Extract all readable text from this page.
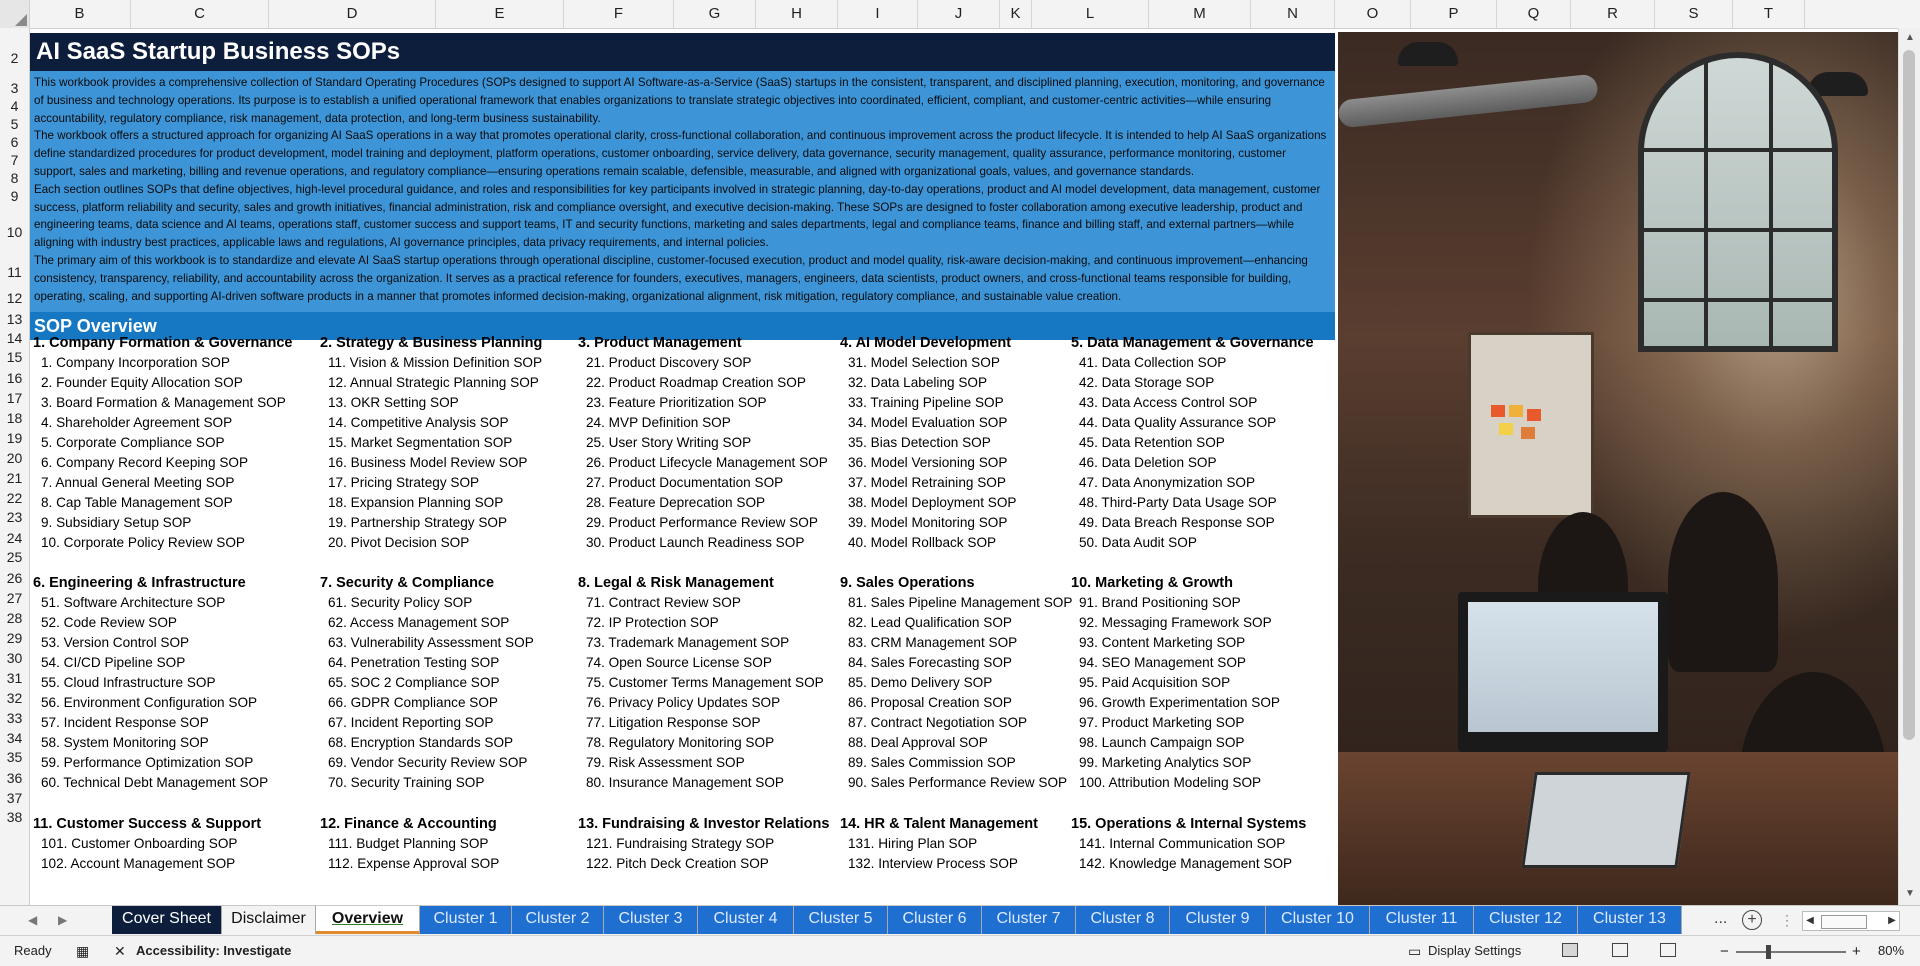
B	C	D	E	F	G	H	I	J	K	L	M	N	O	P	Q	R	S	T
2
3
4
5
6
7
8
9
10
11
12
13
14
15
16
17
18
19
20
21
22
23
24
25
26
27
28
29
30
31
32
33
34
35
36
37
38
AI SaaS Startup Business SOPs

This workbook provides a comprehensive collection of Standard Operating Procedures (SOPs designed to support AI Software-as-a-Service (SaaS) startups in the consistent, transparent, and disciplined planning, execution, monitoring, and governance of business and technology operations. Its purpose is to establish a unified operational framework that enables organizations to translate strategic objectives into coordinated, efficient, compliant, and customer-centric activities—while ensuring accountability, regulatory compliance, risk management, data protection, and long-term business sustainability.

The workbook offers a structured approach for organizing AI SaaS operations in a way that promotes operational clarity, cross-functional collaboration, and continuous improvement across the product lifecycle. It is intended to help AI SaaS organizations define standardized procedures for product development, model training and deployment, platform operations, customer onboarding, service delivery, data governance, security management, quality assurance, performance monitoring, customer support, sales and marketing, billing and revenue operations, and regulatory compliance—ensuring operations remain scalable, defensible, measurable, and aligned with organizational goals, values, and governance standards.

Each section outlines SOPs that define objectives, high-level procedural guidance, and roles and responsibilities for key participants involved in strategic planning, day-to-day operations, product and AI model development, data management, customer success, platform reliability and security, sales and growth initiatives, financial administration, risk and compliance oversight, and executive decision-making. These SOPs are designed to foster collaboration among executive leadership, product and engineering teams, data science and AI teams, operations staff, customer success and support teams, IT and security functions, marketing and sales departments, legal and compliance teams, finance and billing staff, and external partners—while aligning with industry best practices, applicable laws and regulations, AI governance principles, data privacy requirements, and internal policies.

The primary aim of this workbook is to standardize and elevate AI SaaS startup operations through operational discipline, customer-focused execution, product and model quality, risk-aware decision-making, and continuous improvement—enhancing consistency, transparency, reliability, and accountability across the organization. It serves as a practical reference for founders, executives, managers, engineers, data scientists, product owners, and cross-functional teams responsible for building, operating, scaling, and supporting AI-driven software products in a manner that promotes informed decision-making, organizational alignment, risk mitigation, regulatory compliance, and sustainable value creation.

SOP Overview
1. Company Formation & Governance
1. Company Incorporation SOP
2. Founder Equity Allocation SOP
3. Board Formation & Management SOP
4. Shareholder Agreement SOP
5. Corporate Compliance SOP
6. Company Record Keeping SOP
7. Annual General Meeting SOP
8. Cap Table Management SOP
9. Subsidiary Setup SOP
10. Corporate Policy Review SOP
2. Strategy & Business Planning
11. Vision & Mission Definition SOP
12. Annual Strategic Planning SOP
13. OKR Setting SOP
14. Competitive Analysis SOP
15. Market Segmentation SOP
16. Business Model Review SOP
17. Pricing Strategy SOP
18. Expansion Planning SOP
19. Partnership Strategy SOP
20. Pivot Decision SOP
3. Product Management
21. Product Discovery SOP
22. Product Roadmap Creation SOP
23. Feature Prioritization SOP
24. MVP Definition SOP
25. User Story Writing SOP
26. Product Lifecycle Management SOP
27. Product Documentation SOP
28. Feature Deprecation SOP
29. Product Performance Review SOP
30. Product Launch Readiness SOP
4. AI Model Development
31. Model Selection SOP
32. Data Labeling SOP
33. Training Pipeline SOP
34. Model Evaluation SOP
35. Bias Detection SOP
36. Model Versioning SOP
37. Model Retraining SOP
38. Model Deployment SOP
39. Model Monitoring SOP
40. Model Rollback SOP
5. Data Management & Governance
41. Data Collection SOP
42. Data Storage SOP
43. Data Access Control SOP
44. Data Quality Assurance SOP
45. Data Retention SOP
46. Data Deletion SOP
47. Data Anonymization SOP
48. Third-Party Data Usage SOP
49. Data Breach Response SOP
50. Data Audit SOP
6. Engineering & Infrastructure
51. Software Architecture SOP
52. Code Review SOP
53. Version Control SOP
54. CI/CD Pipeline SOP
55. Cloud Infrastructure SOP
56. Environment Configuration SOP
57. Incident Response SOP
58. System Monitoring SOP
59. Performance Optimization SOP
60. Technical Debt Management SOP
7. Security & Compliance
61. Security Policy SOP
62. Access Management SOP
63. Vulnerability Assessment SOP
64. Penetration Testing SOP
65. SOC 2 Compliance SOP
66. GDPR Compliance SOP
67. Incident Reporting SOP
68. Encryption Standards SOP
69. Vendor Security Review SOP
70. Security Training SOP
8. Legal & Risk Management
71. Contract Review SOP
72. IP Protection SOP
73. Trademark Management SOP
74. Open Source License SOP
75. Customer Terms Management SOP
76. Privacy Policy Updates SOP
77. Litigation Response SOP
78. Regulatory Monitoring SOP
79. Risk Assessment SOP
80. Insurance Management SOP
9. Sales Operations
81. Sales Pipeline Management SOP
82. Lead Qualification SOP
83. CRM Management SOP
84. Sales Forecasting SOP
85. Demo Delivery SOP
86. Proposal Creation SOP
87. Contract Negotiation SOP
88. Deal Approval SOP
89. Sales Commission SOP
90. Sales Performance Review SOP
10. Marketing & Growth
91. Brand Positioning SOP
92. Messaging Framework SOP
93. Content Marketing SOP
94. SEO Management SOP
95. Paid Acquisition SOP
96. Growth Experimentation SOP
97. Product Marketing SOP
98. Launch Campaign SOP
99. Marketing Analytics SOP
100. Attribution Modeling SOP
11. Customer Success & Support
101. Customer Onboarding SOP
102. Account Management SOP
12. Finance & Accounting
111. Budget Planning SOP
112. Expense Approval SOP
13. Fundraising & Investor Relations
121. Fundraising Strategy SOP
122. Pitch Deck Creation SOP
14. HR & Talent Management
131. Hiring Plan SOP
132. Interview Process SOP
15. Operations & Internal Systems
141. Internal Communication SOP
142. Knowledge Management SOP
▲
▼
◀ ▶	Cover Sheet	Disclaimer	Overview	Cluster 1	Cluster 2	Cluster 3	Cluster 4	Cluster 5	Cluster 6	Cluster 7	Cluster 8	Cluster 9	Cluster 10	Cluster 11	Cluster 12	Cluster 13	...	+	⋮	◀	▶
Ready ▦ ✕ Accessibility: Investigate	▭ Display Settings	−	+ 80%
